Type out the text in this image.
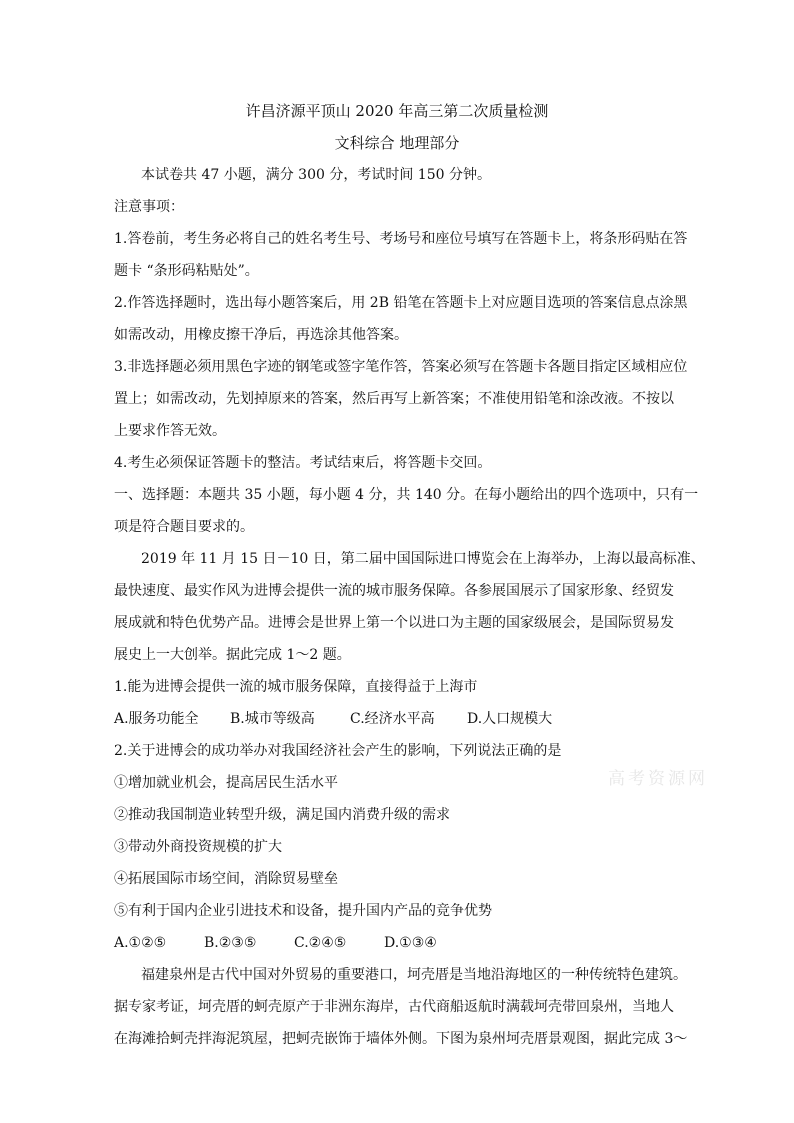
许昌济源平顶山 2020 年高三第二次质量检测
文科综合 地理部分
本试卷共 47 小题，满分 300 分，考试时间 150 分钟。
注意事项：
1.答卷前，考生务必将自己的姓名考生号、考场号和座位号填写在答题卡上，将条形码贴在答
题卡 “条形码粘贴处”。
2.作答选择题时，选出每小题答案后，用 2B 铅笔在答题卡上对应题目选项的答案信息点涂黑
如需改动，用橡皮擦干净后，再选涂其他答案。
3.非选择题必须用黑色字迹的钢笔或签字笔作答，答案必须写在答题卡各题目指定区域相应位
置上；如需改动，先划掉原来的答案，然后再写上新答案；不准使用铅笔和涂改液。不按以
上要求作答无效。
4.考生必须保证答题卡的整洁。考试结束后，将答题卡交回。
一、选择题：本题共 35 小题，每小题 4 分，共 140 分。在每小题给出的四个选项中，只有一
项是符合题目要求的。
2019 年 11 月 15 日－10 日，第二届中国国际进口博览会在上海举办，上海以最高标准、
最快速度、最实作风为进博会提供一流的城市服务保障。各参展国展示了国家形象、经贸发
展成就和特色优势产品。进博会是世界上第一个以进口为主题的国家级展会，是国际贸易发
展史上一大创举。据此完成 1～2 题。
1.能为进博会提供一流的城市服务保障，直接得益于上海市
A.服务功能全 B.城市等级高	C.经济水平高 D.人口规模大
2.关于进博会的成功举办对我国经济社会产生的影响，下列说法正确的是
①增加就业机会，提高居民生活水平
②推动我国制造业转型升级，满足国内消费升级的需求
③带动外商投资规模的扩大
④拓展国际市场空间，消除贸易壁垒
⑤有利于国内企业引进技术和设备，提升国内产品的竞争优势
A.①②⑤	B.②③⑤	C.②④⑤	D.①③④
福建泉州是古代中国对外贸易的重要港口，坷壳厝是当地沿海地区的一种传统特色建筑。
据专家考证，坷壳厝的蚵壳原产于非洲东海岸，古代商船返航时满载坷壳带回泉州，当地人
在海滩拾蚵壳拌海泥筑屋，把蚵壳嵌饰于墙体外侧。下图为泉州坷壳厝景观图，据此完成 3～
高考资源网
